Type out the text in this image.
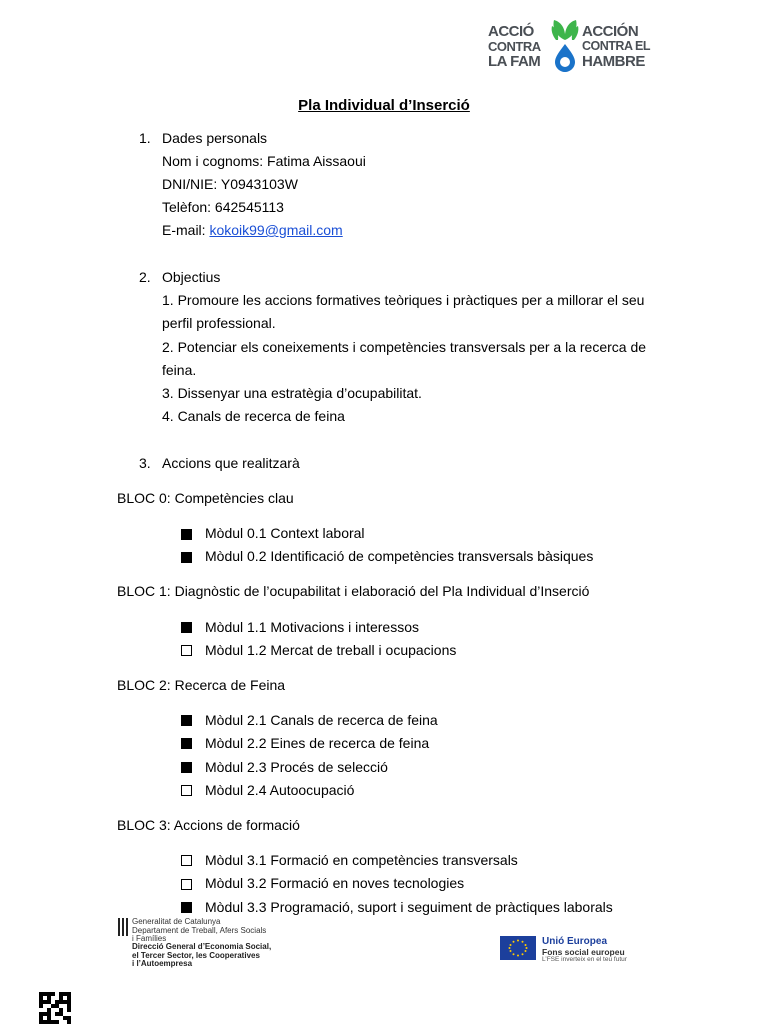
ACCIÓ
CONTRA
LA FAM
ACCIÓN
CONTRA EL
HAMBRE
Pla Individual d’Inserció
1. Dades personals
Nom i cognoms: Fatima Aissaoui
DNI/NIE: Y0943103W
Telèfon: 642545113
E-mail: kokoik99@gmail.com
2. Objectius
1. Promoure les accions formatives teòriques i pràctiques per a millorar el seu
perfil professional.
2. Potenciar els coneixements i competències transversals per a la recerca de
feina.
3. Dissenyar una estratègia d’ocupabilitat.
4. Canals de recerca de feina
3. Accions que realitzarà
BLOC 0: Competències clau
Mòdul 0.1 Context laboral
Mòdul 0.2 Identificació de competències transversals bàsiques
BLOC 1: Diagnòstic de l’ocupabilitat i elaboració del Pla Individual d’Inserció
Mòdul 1.1 Motivacions i interessos
Mòdul 1.2 Mercat de treball i ocupacions
BLOC 2: Recerca de Feina
Mòdul 2.1 Canals de recerca de feina
Mòdul 2.2 Eines de recerca de feina
Mòdul 2.3 Procés de selecció
Mòdul 2.4 Autoocupació
BLOC 3: Accions de formació
Mòdul 3.1 Formació en competències transversals
Mòdul 3.2 Formació en noves tecnologies
Mòdul 3.3 Programació, suport i seguiment de pràctiques laborals
Generalitat de Catalunya
Departament de Treball, Afers Socials
i Famílies
Direcció General d’Economia Social,
el Tercer Sector, les Cooperatives
i l’Autoempresa
Unió Europea
Fons social europeu
L’FSE inverteix en el teu futur
